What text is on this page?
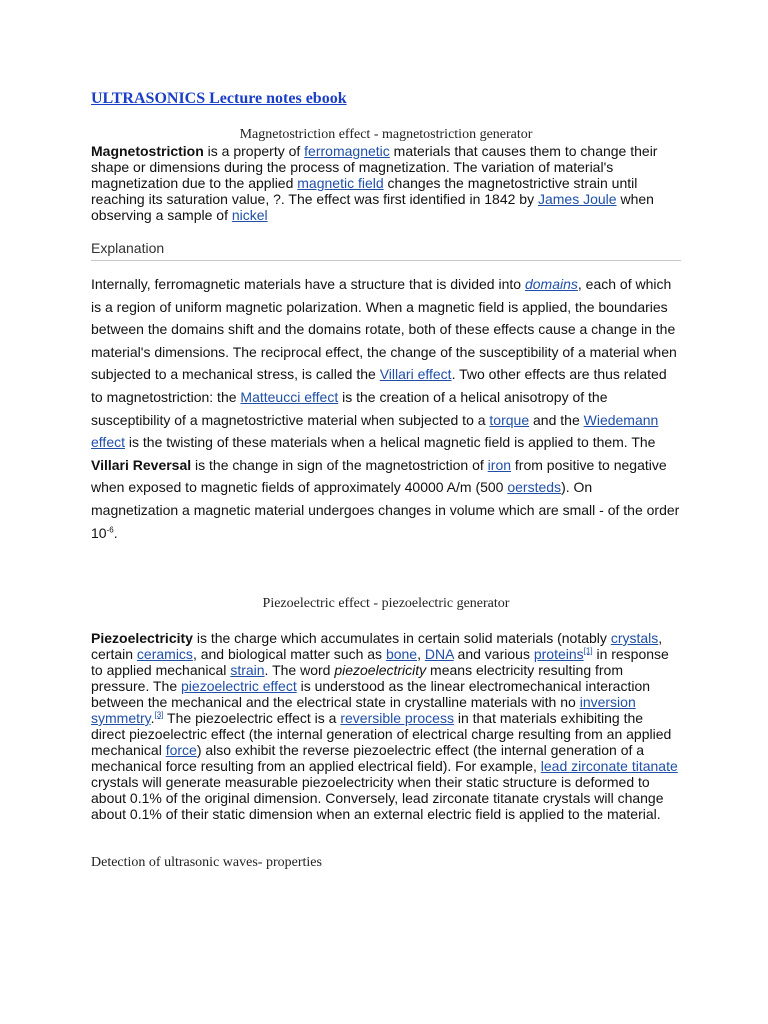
ULTRASONICS Lecture notes ebook
Magnetostriction effect - magnetostriction generator

Magnetostriction is a property of ferromagnetic materials that causes them to change their shape or dimensions during the process of magnetization. The variation of material's magnetization due to the applied magnetic field changes the magnetostrictive strain until reaching its saturation value, ?. The effect was first identified in 1842 by James Joule when observing a sample of nickel

Explanation

Internally, ferromagnetic materials have a structure that is divided into domains, each of which is a region of uniform magnetic polarization. When a magnetic field is applied, the boundaries between the domains shift and the domains rotate, both of these effects cause a change in the material's dimensions. The reciprocal effect, the change of the susceptibility of a material when subjected to a mechanical stress, is called the Villari effect. Two other effects are thus related to magnetostriction: the Matteucci effect is the creation of a helical anisotropy of the susceptibility of a magnetostrictive material when subjected to a torque and the Wiedemann effect is the twisting of these materials when a helical magnetic field is applied to them. The Villari Reversal is the change in sign of the magnetostriction of iron from positive to negative when exposed to magnetic fields of approximately 40000 A/m (500 oersteds). On magnetization a magnetic material undergoes changes in volume which are small - of the order $10^{-6}$.

Piezoelectric effect - piezoelectric generator

Piezoelectricity is the charge which accumulates in certain solid materials (notably crystals, certain ceramics, and biological matter such as bone, DNA and various proteins[1] in response to applied mechanical strain. The word piezoelectricity means electricity resulting from pressure. The piezoelectric effect is understood as the linear electromechanical interaction between the mechanical and the electrical state in crystalline materials with no inversion symmetry.[3] The piezoelectric effect is a reversible process in that materials exhibiting the direct piezoelectric effect (the internal generation of electrical charge resulting from an applied mechanical force) also exhibit the reverse piezoelectric effect (the internal generation of a mechanical force resulting from an applied electrical field). For example, lead zirconate titanate crystals will generate measurable piezoelectricity when their static structure is deformed to about 0.1% of the original dimension. Conversely, lead zirconate titanate crystals will change about 0.1% of their static dimension when an external electric field is applied to the material.

Detection of ultrasonic waves- properties
